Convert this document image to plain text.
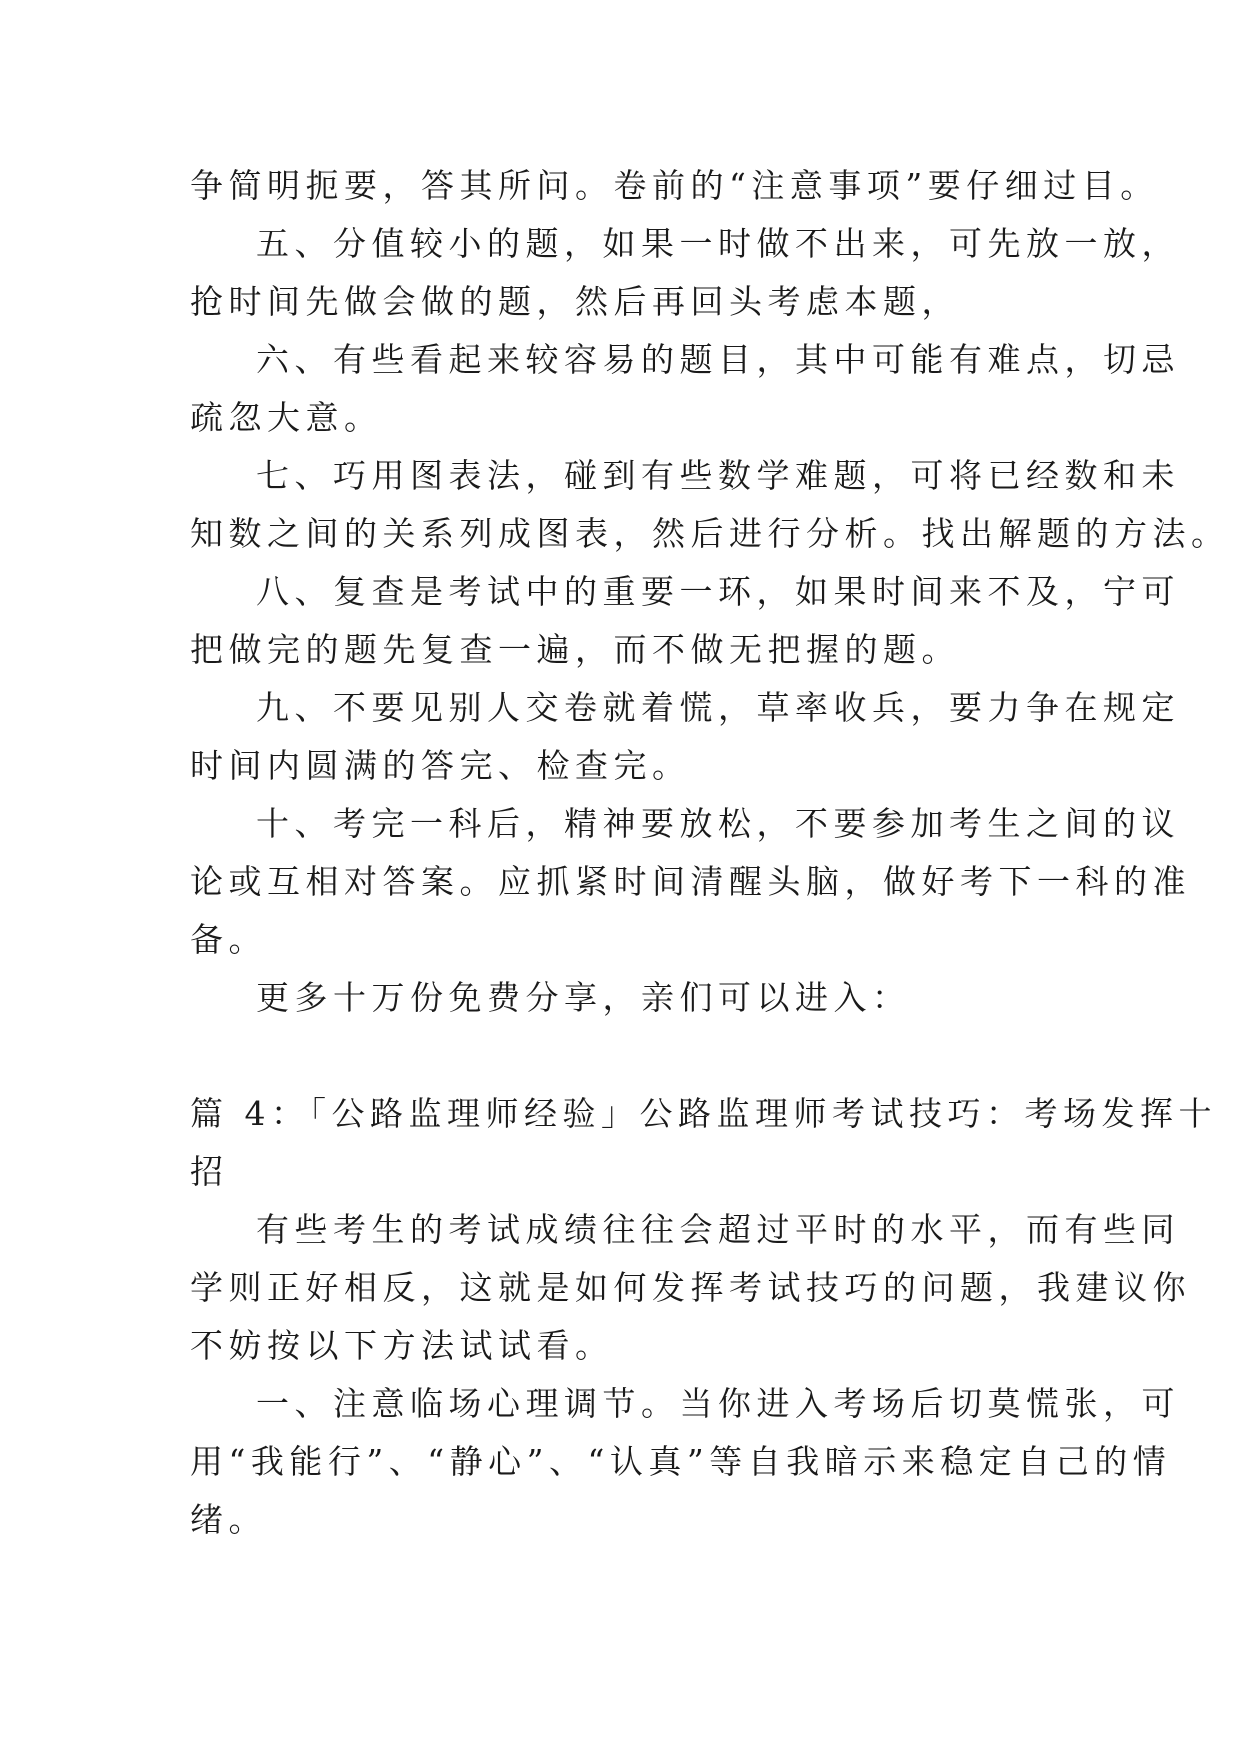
争简明扼要，答其所问。卷前的“注意事项”要仔细过目。
五、分值较小的题，如果一时做不出来，可先放一放，
抢时间先做会做的题，然后再回头考虑本题，
六、有些看起来较容易的题目，其中可能有难点，切忌
疏忽大意。
七、巧用图表法，碰到有些数学难题，可将已经数和未
知数之间的关系列成图表，然后进行分析。找出解题的方法。
八、复查是考试中的重要一环，如果时间来不及，宁可
把做完的题先复查一遍，而不做无把握的题。
九、不要见别人交卷就着慌，草率收兵，要力争在规定
时间内圆满的答完、检查完。
十、考完一科后，精神要放松，不要参加考生之间的议
论或互相对答案。应抓紧时间清醒头脑，做好考下一科的准
备。
更多十万份免费分享，亲们可以进入：
篇 4：「公路监理师经验」公路监理师考试技巧：考场发挥十
招
有些考生的考试成绩往往会超过平时的水平，而有些同
学则正好相反，这就是如何发挥考试技巧的问题，我建议你
不妨按以下方法试试看。
一、注意临场心理调节。当你进入考场后切莫慌张，可
用“我能行”、“静心”、“认真”等自我暗示来稳定自己的情
绪。
